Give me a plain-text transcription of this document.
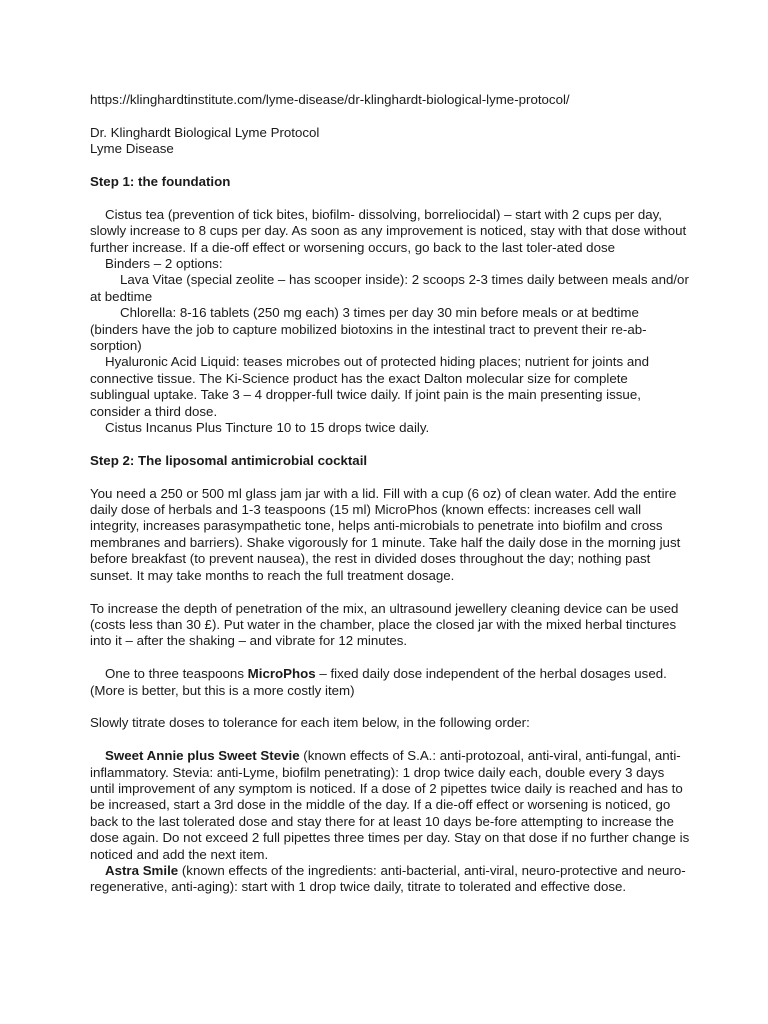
https://klinghardtinstitute.com/lyme-disease/dr-klinghardt-biological-lyme-protocol/

Dr. Klinghardt Biological Lyme Protocol

Lyme Disease

Step 1: the foundation

Cistus tea (prevention of tick bites, biofilm- dissolving, borreliocidal) – start with 2 cups per day, slowly increase to 8 cups per day. As soon as any improvement is noticed, stay with that dose without further increase. If a die-off effect or worsening occurs, go back to the last toler-ated dose

Binders – 2 options:

Lava Vitae (special zeolite – has scooper inside): 2 scoops 2-3 times daily between meals and/or at bedtime

Chlorella: 8-16 tablets (250 mg each) 3 times per day 30 min before meals or at bedtime (binders have the job to capture mobilized biotoxins in the intestinal tract to prevent their re-ab-sorption)

Hyaluronic Acid Liquid: teases microbes out of protected hiding places; nutrient for joints and connective tissue. The Ki-Science product has the exact Dalton molecular size for complete sublingual uptake. Take 3 – 4 dropper-full twice daily. If joint pain is the main presenting issue, consider a third dose.

Cistus Incanus Plus Tincture 10 to 15 drops twice daily.

Step 2: The liposomal antimicrobial cocktail

You need a 250 or 500 ml glass jam jar with a lid. Fill with a cup (6 oz) of clean water. Add the entire daily dose of herbals and 1-3 teaspoons (15 ml) MicroPhos (known effects: increases cell wall integrity, increases parasympathetic tone, helps anti-microbials to penetrate into biofilm and cross membranes and barriers). Shake vigorously for 1 minute. Take half the daily dose in the morning just before breakfast (to prevent nausea), the rest in divided doses throughout the day; nothing past sunset. It may take months to reach the full treatment dosage.

To increase the depth of penetration of the mix, an ultrasound jewellery cleaning device can be used (costs less than 30 £). Put water in the chamber, place the closed jar with the mixed herbal tinctures into it – after the shaking – and vibrate for 12 minutes.

One to three teaspoons MicroPhos – fixed daily dose independent of the herbal dosages used. (More is better, but this is a more costly item)

Slowly titrate doses to tolerance for each item below, in the following order:

Sweet Annie plus Sweet Stevie (known effects of S.A.: anti-protozoal, anti-viral, anti-fungal, anti-inflammatory. Stevia: anti-Lyme, biofilm penetrating): 1 drop twice daily each, double every 3 days until improvement of any symptom is noticed. If a dose of 2 pipettes twice daily is reached and has to be increased, start a 3rd dose in the middle of the day. If a die-off effect or worsening is noticed, go back to the last tolerated dose and stay there for at least 10 days be-fore attempting to increase the dose again. Do not exceed 2 full pipettes three times per day. Stay on that dose if no further change is noticed and add the next item.

Astra Smile (known effects of the ingredients: anti-bacterial, anti-viral, neuro-protective and neuro-regenerative, anti-aging): start with 1 drop twice daily, titrate to tolerated and effective dose.
